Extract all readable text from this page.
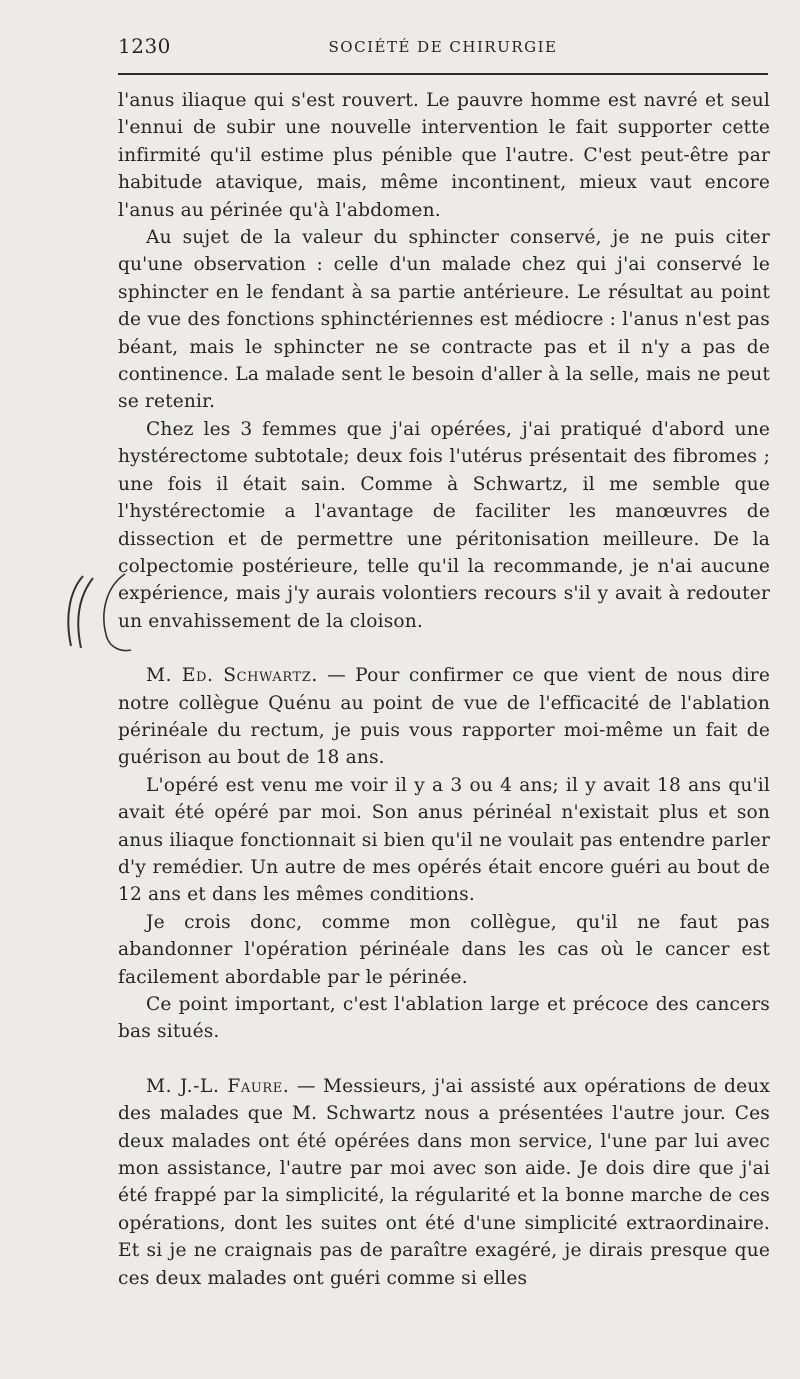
1230	SOCIÉTÉ DE CHIRURGIE

l'anus iliaque qui s'est rouvert. Le pauvre homme est navré et seul l'ennui de subir une nouvelle intervention le fait supporter cette infirmité qu'il estime plus pénible que l'autre. C'est peut-être par habitude atavique, mais, même incontinent, mieux vaut encore l'anus au périnée qu'à l'abdomen.

Au sujet de la valeur du sphincter conservé, je ne puis citer qu'une observation : celle d'un malade chez qui j'ai conservé le sphincter en le fendant à sa partie antérieure. Le résultat au point de vue des fonctions sphinctériennes est médiocre : l'anus n'est pas béant, mais le sphincter ne se contracte pas et il n'y a pas de continence. La malade sent le besoin d'aller à la selle, mais ne peut se retenir.

Chez les 3 femmes que j'ai opérées, j'ai pratiqué d'abord une hystérectome subtotale; deux fois l'utérus présentait des fibromes ; une fois il était sain. Comme à Schwartz, il me semble que l'hystérectomie a l'avantage de faciliter les manœuvres de dissection et de permettre une péritonisation meilleure. De la colpectomie postérieure, telle qu'il la recommande, je n'ai aucune expérience, mais j'y aurais volontiers recours s'il y avait à redouter un envahissement de la cloison.

M. Ed. Schwartz. — Pour confirmer ce que vient de nous dire notre collègue Quénu au point de vue de l'efficacité de l'ablation périnéale du rectum, je puis vous rapporter moi-même un fait de guérison au bout de 18 ans.

L'opéré est venu me voir il y a 3 ou 4 ans; il y avait 18 ans qu'il avait été opéré par moi. Son anus périnéal n'existait plus et son anus iliaque fonctionnait si bien qu'il ne voulait pas entendre parler d'y remédier. Un autre de mes opérés était encore guéri au bout de 12 ans et dans les mêmes conditions.

Je crois donc, comme mon collègue, qu'il ne faut pas abandonner l'opération périnéale dans les cas où le cancer est facilement abordable par le périnée.

Ce point important, c'est l'ablation large et précoce des cancers bas situés.

M. J.-L. Faure. — Messieurs, j'ai assisté aux opérations de deux des malades que M. Schwartz nous a présentées l'autre jour. Ces deux malades ont été opérées dans mon service, l'une par lui avec mon assistance, l'autre par moi avec son aide. Je dois dire que j'ai été frappé par la simplicité, la régularité et la bonne marche de ces opérations, dont les suites ont été d'une simplicité extraordinaire. Et si je ne craignais pas de paraître exagéré, je dirais presque que ces deux malades ont guéri comme si elles
